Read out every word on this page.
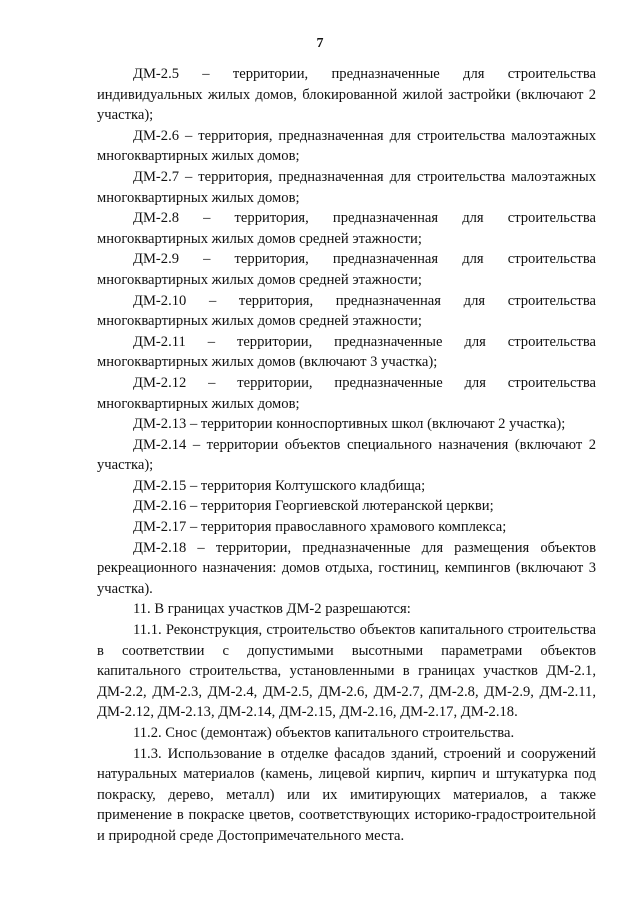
7

ДМ-2.5 – территории, предназначенные для строительства индивидуальных жилых домов, блокированной жилой застройки (включают 2 участка);

ДМ-2.6 – территория, предназначенная для строительства малоэтажных многоквартирных жилых домов;

ДМ-2.7 – территория, предназначенная для строительства малоэтажных многоквартирных жилых домов;

ДМ-2.8 – территория, предназначенная для строительства многоквартирных жилых домов средней этажности;

ДМ-2.9 – территория, предназначенная для строительства многоквартирных жилых домов средней этажности;

ДМ-2.10 – территория, предназначенная для строительства многоквартирных жилых домов средней этажности;

ДМ-2.11 – территории, предназначенные для строительства многоквартирных жилых домов (включают 3 участка);

ДМ-2.12 – территории, предназначенные для строительства многоквартирных жилых домов;

ДМ-2.13 – территории конноспортивных школ (включают 2 участка);

ДМ-2.14 – территории объектов специального назначения (включают 2 участка);

ДМ-2.15 – территория Колтушского кладбища;

ДМ-2.16 – территория Георгиевской лютеранской церкви;

ДМ-2.17 – территория православного храмового комплекса;

ДМ-2.18 – территории, предназначенные для размещения объектов рекреационного назначения: домов отдыха, гостиниц, кемпингов (включают 3 участка).

11. В границах участков ДМ-2 разрешаются:

11.1. Реконструкция, строительство объектов капитального строительства в соответствии с допустимыми высотными параметрами объектов капитального строительства, установленными в границах участков ДМ-2.1, ДМ-2.2, ДМ-2.3, ДМ-2.4, ДМ-2.5, ДМ-2.6, ДМ-2.7, ДМ-2.8, ДМ-2.9, ДМ-2.11, ДМ-2.12, ДМ-2.13, ДМ-2.14, ДМ-2.15, ДМ-2.16, ДМ-2.17, ДМ-2.18.

11.2. Снос (демонтаж) объектов капитального строительства.

11.3. Использование в отделке фасадов зданий, строений и сооружений натуральных материалов (камень, лицевой кирпич, кирпич и штукатурка под покраску, дерево, металл) или их имитирующих материалов, а также применение в покраске цветов, соответствующих историко-градостроительной и природной среде Достопримечательного места.
